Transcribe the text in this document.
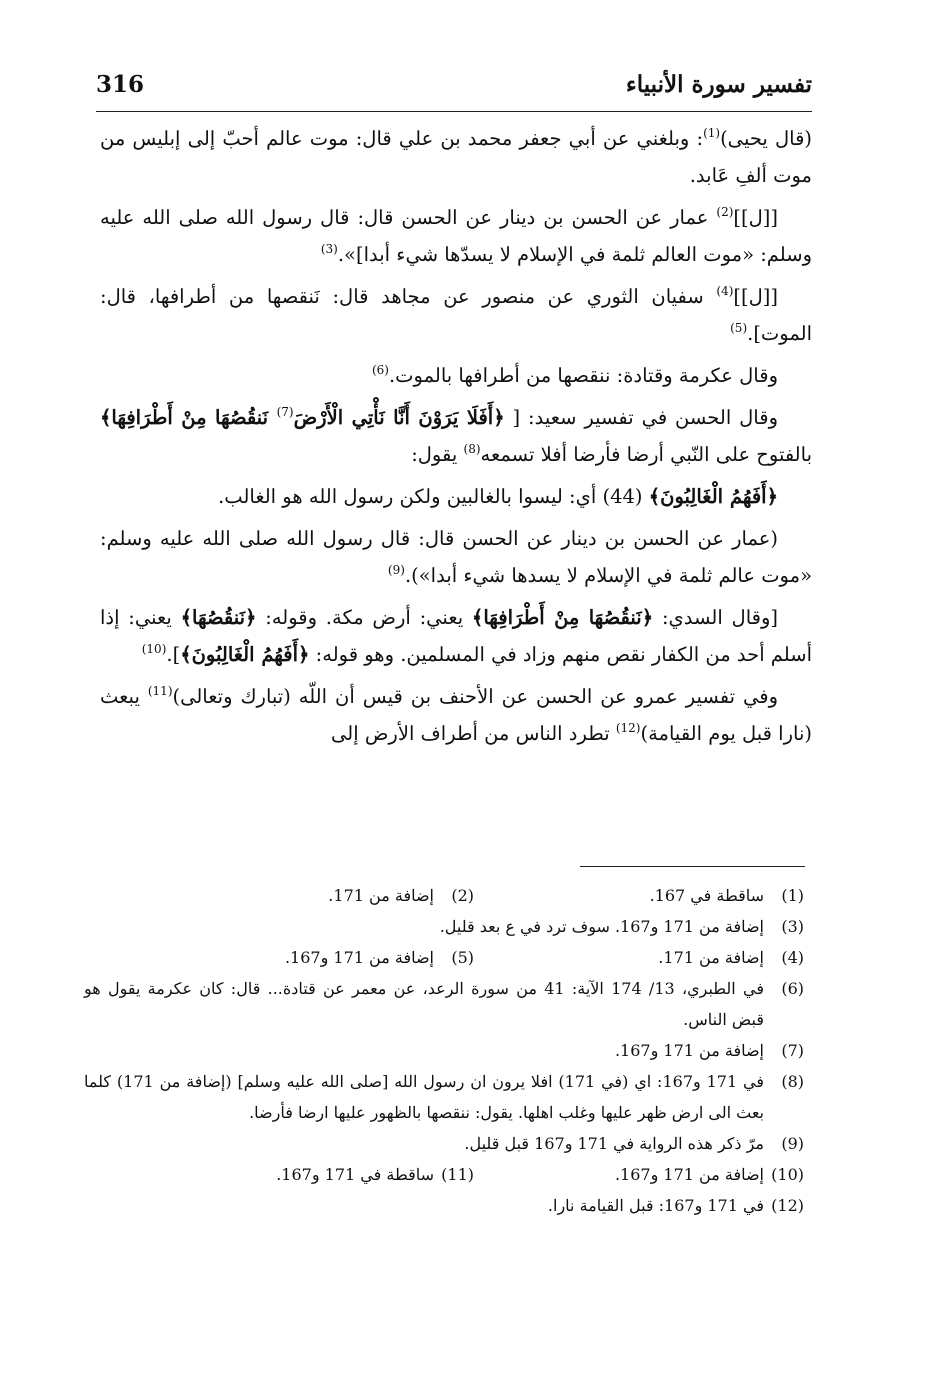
316	تفسير سورة الأنبياء

(قال يحيى)$^{(1)}$: وبلغني عن أبي جعفر محمد بن علي قال: موت عالم أحبّ إلى إبليس من موت ألفِ عَابد.

[[ل]]$^{(2)}$ عمار عن الحسن بن دينار عن الحسن قال: قال رسول الله صلى الله عليه وسلم: «موت العالم ثلمة في الإسلام لا يسدّها شيء أبدا]».$^{(3)}$

[[ل]]$^{(4)}$ سفيان الثوري عن منصور عن مجاهد قال: نَنقصها من أطرافها، قال: الموت].$^{(5)}$

وقال عكرمة وقتادة: ننقصها من أطرافها بالموت.$^{(6)}$

وقال الحسن في تفسير سعيد: [ ﴿أَفَلَا يَرَوْنَ أَنَّا نَأْتِي الْأَرْضَ$^{(7)}$ نَنقُصُهَا مِنْ أَطْرَافِهَا﴾ بالفتوح على النّبي أرضا فأرضا أفلا تسمعه$^{(8)}$ يقول:

﴿أَفَهُمُ الْغَالِبُونَ﴾ (44) أي: ليسوا بالغالبين ولكن رسول الله هو الغالب.

(عمار عن الحسن بن دينار عن الحسن قال: قال رسول الله صلى الله عليه وسلم: «موت عالم ثلمة في الإسلام لا يسدها شيء أبدا»).$^{(9)}$

[وقال السدي: ﴿نَنقُصُهَا مِنْ أَطْرَافِهَا﴾ يعني: أرض مكة. وقوله: ﴿نَنقُصُهَا﴾ يعني: إذا أسلم أحد من الكفار نقص منهم وزاد في المسلمين. وهو قوله: ﴿أَفَهُمُ الْغَالِبُونَ﴾].$^{(10)}$

وفي تفسير عمرو عن الحسن عن الأحنف بن قيس أن اللّه (تبارك وتعالى)$^{(11)}$ يبعث (نارا قبل يوم القيامة)$^{(12)}$ تطرد الناس من أطراف الأرض إلى

(1)
ساقطة في 167.
(2)
إضافة من 171.
(3)
إضافة من 171 و167. سوف ترد في ع بعد قليل.
(4)
إضافة من 171.
(5)
إضافة من 171 و167.
(6)
في الطبري، 13/ 174 الآية: 41 من سورة الرعد، عن معمر عن قتادة... قال: كان عكرمة يقول هو قبض الناس.
(7)
إضافة من 171 و167.
(8)
في 171 و167: اي (في 171) افلا يرون ان رسول الله [صلى الله عليه وسلم] (إضافة من 171) كلما بعث الى ارض ظهر عليها وغلب اهلها. يقول: ننقصها بالظهور عليها ارضا فأرضا.
(9)
مرّ ذكر هذه الرواية في 171 و167 قبل قليل.
(10)
إضافة من 171 و167.
(11)
ساقطة في 171 و167.
(12)
في 171 و167: قبل القيامة نارا.
